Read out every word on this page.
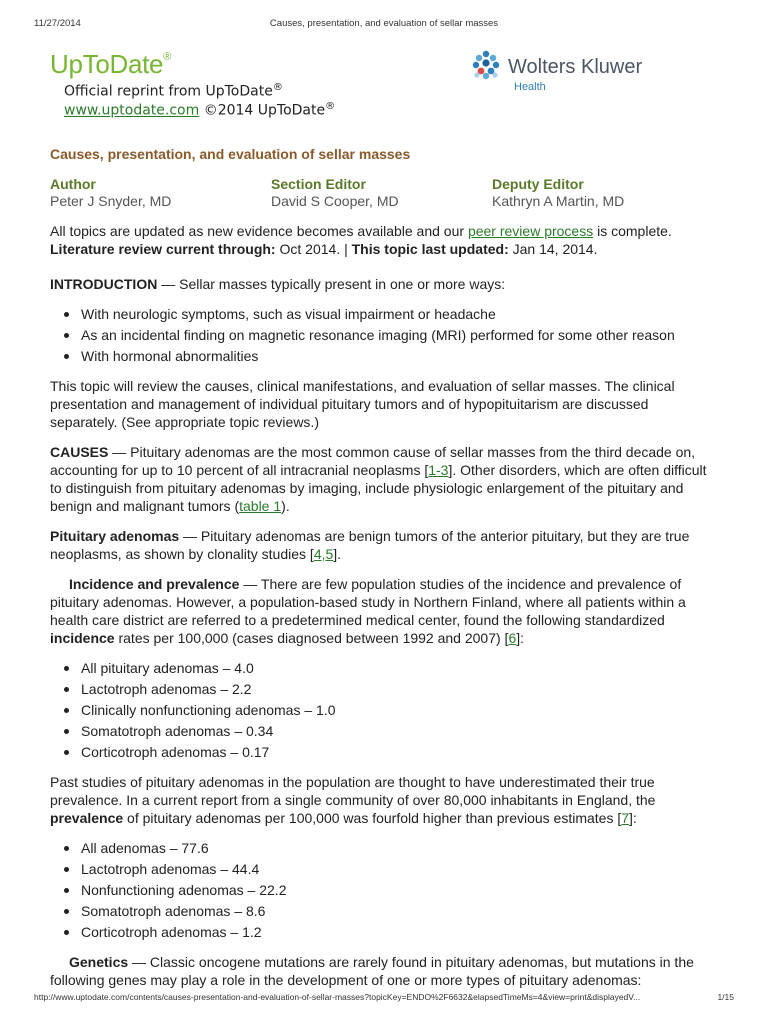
11/27/2014	Causes, presentation, and evaluation of sellar masses
UpToDate®
Official reprint from UpToDate®
www.uptodate.com ©2014 UpToDate®
Wolters Kluwer
Health
Causes, presentation, and evaluation of sellar masses
Author
Peter J Snyder, MD
Section Editor
David S Cooper, MD
Deputy Editor
Kathryn A Martin, MD

All topics are updated as new evidence becomes available and our peer review process is complete.
Literature review current through: Oct 2014. | This topic last updated: Jan 14, 2014.

INTRODUCTION — Sellar masses typically present in one or more ways:

With neurologic symptoms, such as visual impairment or headache
As an incidental finding on magnetic resonance imaging (MRI) performed for some other reason
With hormonal abnormalities

This topic will review the causes, clinical manifestations, and evaluation of sellar masses. The clinical presentation and management of individual pituitary tumors and of hypopituitarism are discussed separately. (See appropriate topic reviews.)

CAUSES — Pituitary adenomas are the most common cause of sellar masses from the third decade on, accounting for up to 10 percent of all intracranial neoplasms [1-3]. Other disorders, which are often difficult to distinguish from pituitary adenomas by imaging, include physiologic enlargement of the pituitary and benign and malignant tumors (table 1).

Pituitary adenomas — Pituitary adenomas are benign tumors of the anterior pituitary, but they are true neoplasms, as shown by clonality studies [4,5].

Incidence and prevalence — There are few population studies of the incidence and prevalence of pituitary adenomas. However, a population-based study in Northern Finland, where all patients within a health care district are referred to a predetermined medical center, found the following standardized incidence rates per 100,000 (cases diagnosed between 1992 and 2007) [6]:

All pituitary adenomas – 4.0
Lactotroph adenomas – 2.2
Clinically nonfunctioning adenomas – 1.0
Somatotroph adenomas – 0.34
Corticotroph adenomas – 0.17

Past studies of pituitary adenomas in the population are thought to have underestimated their true prevalence. In a current report from a single community of over 80,000 inhabitants in England, the prevalence of pituitary adenomas per 100,000 was fourfold higher than previous estimates [7]:

All adenomas – 77.6
Lactotroph adenomas – 44.4
Nonfunctioning adenomas – 22.2
Somatotroph adenomas – 8.6
Corticotroph adenomas – 1.2

Genetics — Classic oncogene mutations are rarely found in pituitary adenomas, but mutations in the following genes may play a role in the development of one or more types of pituitary adenomas:

http://www.uptodate.com/contents/causes-presentation-and-evaluation-of-sellar-masses?topicKey=ENDO%2F6632&elapsedTimeMs=4&view=print&displayedV...	1/15
